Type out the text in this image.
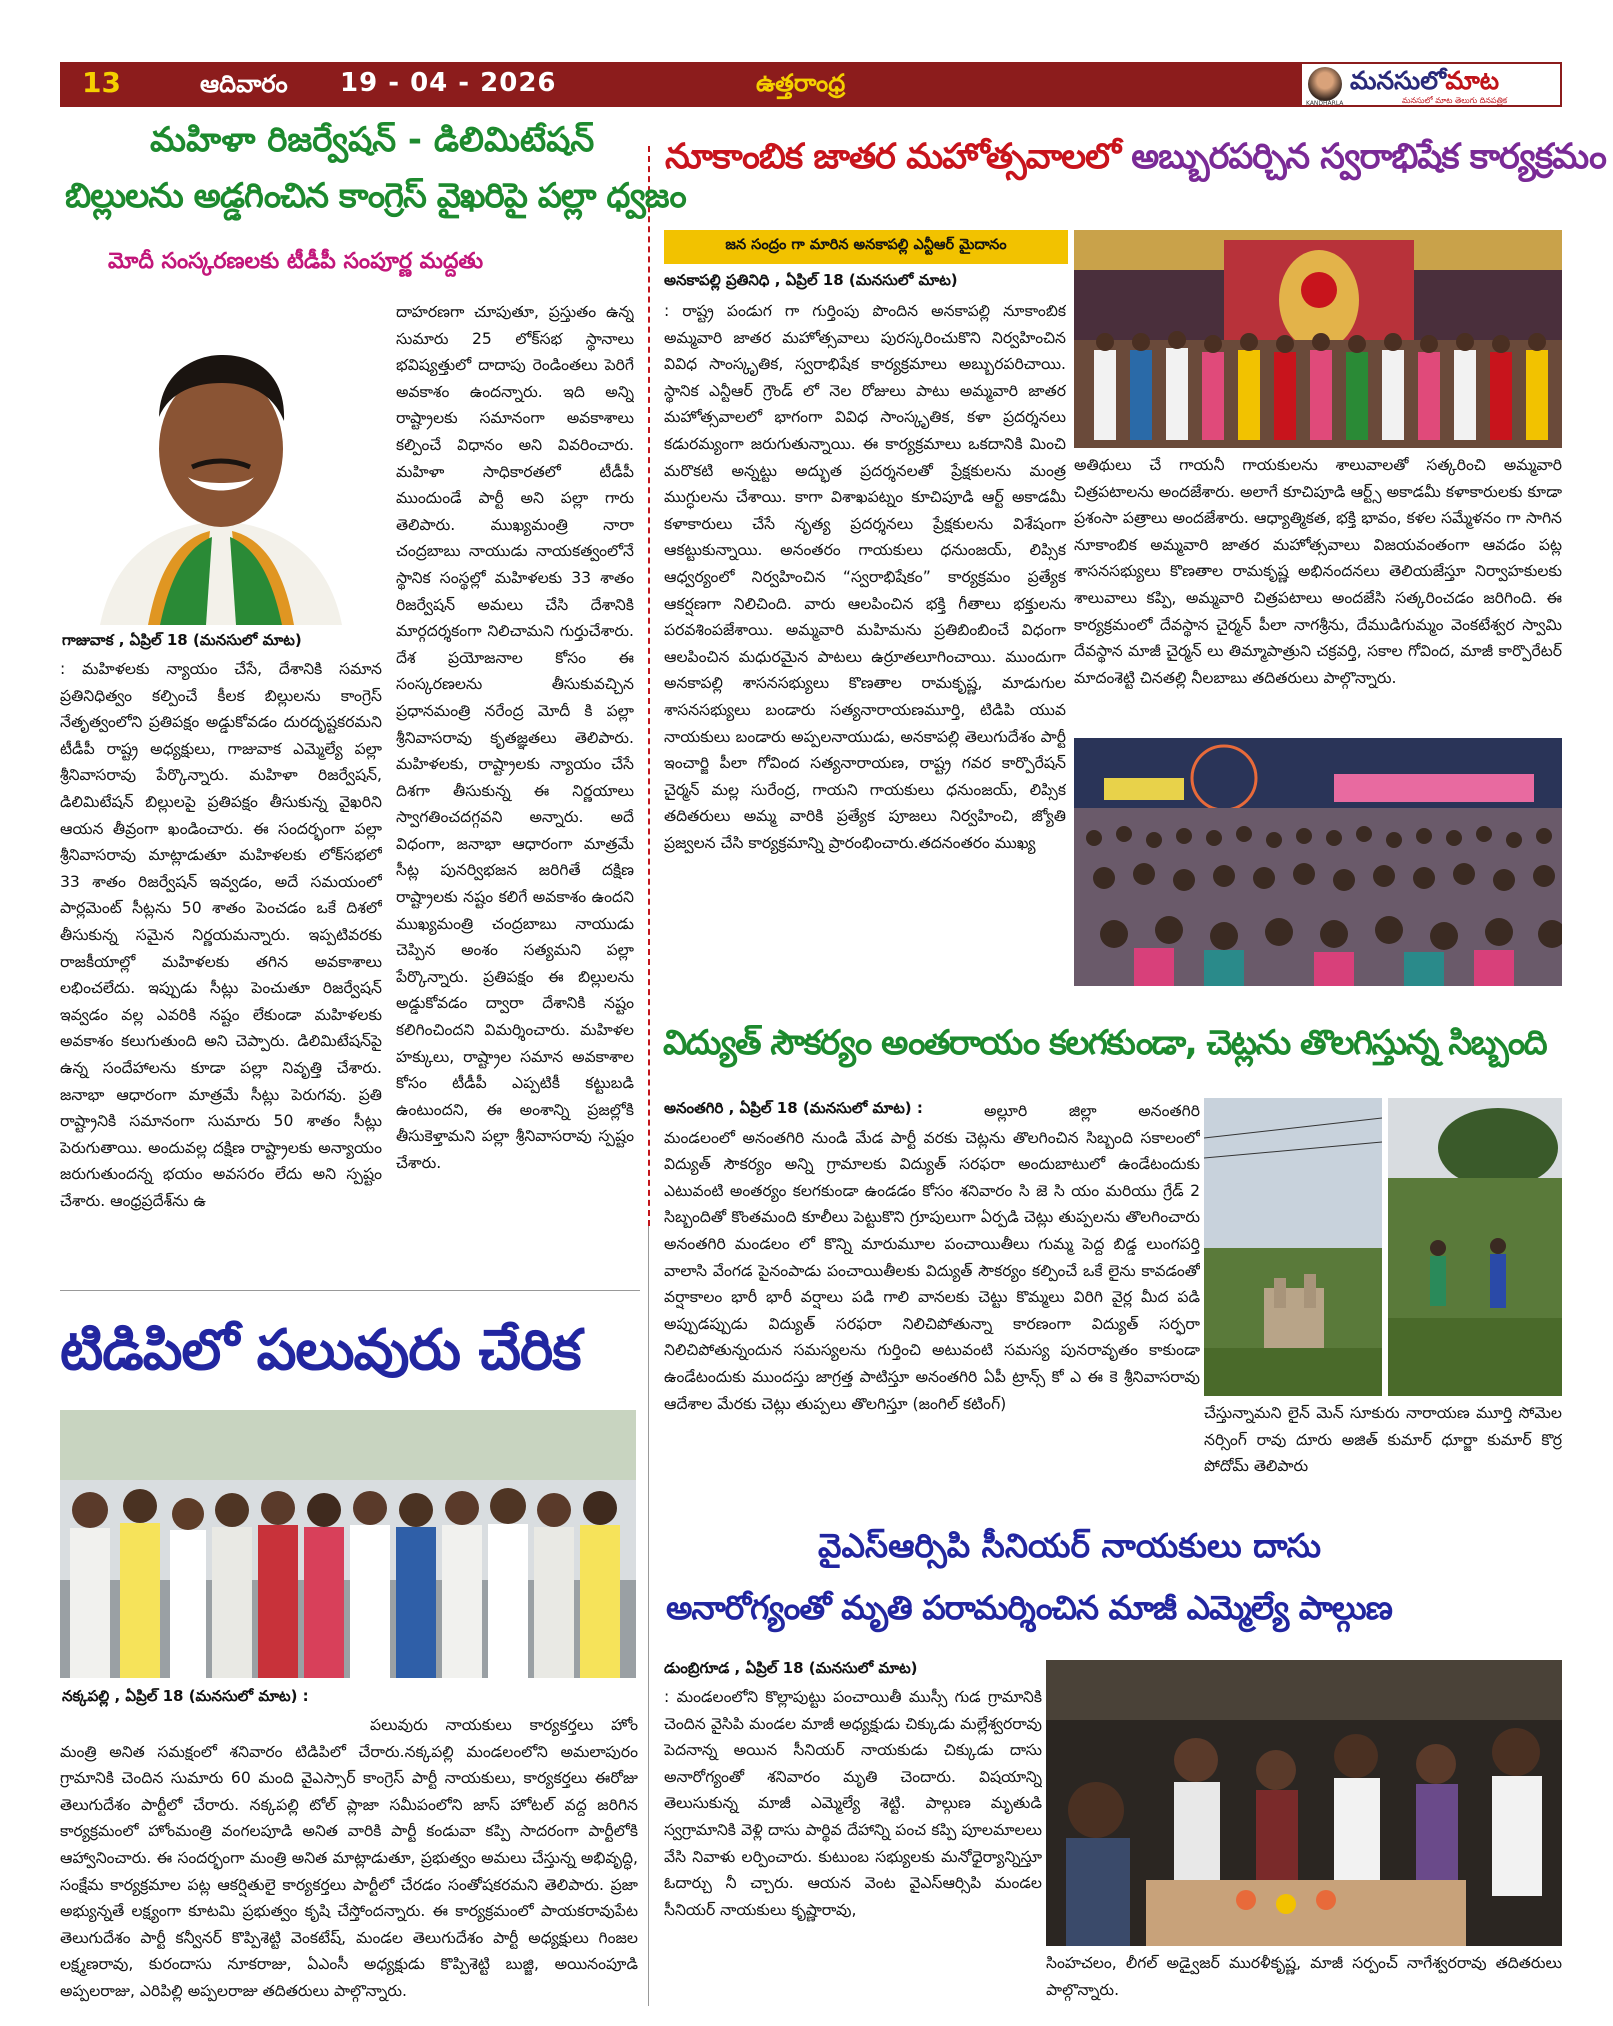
13	ఆదివారం 19 - 04 - 2026	ఉత్తరాంధ్ర	మనసులోమాట
మనసులో మాట తెలుగు దినపత్రిక
KANDHARLA
మహిళా రిజర్వేషన్ - డిలిమిటేషన్
బిల్లులను అడ్డగించిన కాంగ్రెస్ వైఖరిపై పల్లా ధ్వజం
మోదీ సంస్కరణలకు టీడీపీ సంపూర్ణ మద్దతు
గాజువాక , ఏప్రిల్ 18 (మనసులో మాట)
: మహిళలకు న్యాయం చేసే, దేశానికి సమాన ప్రతినిధిత్వం కల్పించే కీలక బిల్లులను కాంగ్రెస్ నేతృత్వంలోని ప్రతిపక్షం అడ్డుకోవడం దురదృష్టకరమని టీడీపీ రాష్ట్ర అధ్యక్షులు, గాజువాక ఎమ్మెల్యే పల్లా శ్రీనివాసరావు పేర్కొన్నారు. మహిళా రిజర్వేషన్, డిలిమిటేషన్ బిల్లులపై ప్రతిపక్షం తీసుకున్న వైఖరిని ఆయన తీవ్రంగా ఖండించారు. ఈ సందర్భంగా పల్లా శ్రీనివాసరావు మాట్లాడుతూ మహిళలకు లోక్‌సభలో 33 శాతం రిజర్వేషన్ ఇవ్వడం, అదే సమయంలో పార్లమెంట్ సీట్లను 50 శాతం పెంచడం ఒకే దిశలో తీసుకున్న సమైన నిర్ణయమన్నారు. ఇప్పటివరకు రాజకీయాల్లో మహిళలకు తగిన అవకాశాలు లభించలేదు. ఇప్పుడు సీట్లు పెంచుతూ రిజర్వేషన్ ఇవ్వడం వల్ల ఎవరికి నష్టం లేకుండా మహిళలకు అవకాశం కలుగుతుంది అని చెప్పారు. డిలిమిటేషన్‌పై ఉన్న సందేహాలను కూడా పల్లా నివృత్తి చేశారు. జనాభా ఆధారంగా మాత్రమే సీట్లు పెరుగవు. ప్రతి రాష్ట్రానికి సమానంగా సుమారు 50 శాతం సీట్లు పెరుగుతాయి. అందువల్ల దక్షిణ రాష్ట్రాలకు అన్యాయం జరుగుతుందన్న భయం అవసరం లేదు అని స్పష్టం చేశారు. ఆంధ్రప్రదేశ్‌ను ఉ
దాహరణగా చూపుతూ, ప్రస్తుతం ఉన్న సుమారు 25 లోక్‌సభ స్థానాలు భవిష్యత్తులో దాదాపు రెండింతలు పెరిగే అవకాశం ఉందన్నారు. ఇది అన్ని రాష్ట్రాలకు సమానంగా అవకాశాలు కల్పించే విధానం అని వివరించారు. మహిళా సాధికారతలో టీడీపీ ముందుండే పార్టీ అని పల్లా గారు తెలిపారు. ముఖ్యమంత్రి నారా చంద్రబాబు నాయుడు నాయకత్వంలోనే స్థానిక సంస్థల్లో మహిళలకు 33 శాతం రిజర్వేషన్ అమలు చేసి దేశానికి మార్గదర్శకంగా నిలిచామని గుర్తుచేశారు. దేశ ప్రయోజనాల కోసం ఈ సంస్కరణలను తీసుకువచ్చిన ప్రధానమంత్రి నరేంద్ర మోదీ కి పల్లా శ్రీనివాసరావు కృతజ్ఞతలు తెలిపారు. మహిళలకు, రాష్ట్రాలకు న్యాయం చేసే దిశగా తీసుకున్న ఈ నిర్ణయాలు స్వాగతించదగ్గవని అన్నారు. అదే విధంగా, జనాభా ఆధారంగా మాత్రమే సీట్ల పునర్విభజన జరిగితే దక్షిణ రాష్ట్రాలకు నష్టం కలిగే అవకాశం ఉందని ముఖ్యమంత్రి చంద్రబాబు నాయుడు చెప్పిన అంశం సత్యమని పల్లా పేర్కొన్నారు. ప్రతిపక్షం ఈ బిల్లులను అడ్డుకోవడం ద్వారా దేశానికి నష్టం కలిగించిందని విమర్శించారు. మహిళల హక్కులు, రాష్ట్రాల సమాన అవకాశాల కోసం టీడీపీ ఎప్పటికీ కట్టుబడి ఉంటుందని, ఈ అంశాన్ని ప్రజల్లోకి తీసుకెళ్తామని పల్లా శ్రీనివాసరావు స్పష్టం చేశారు.
టిడిపిలో పలువురు చేరిక
నక్కపల్లి , ఏప్రిల్ 18 (మనసులో మాట) :
పలువురు నాయకులు కార్యకర్తలు హోం మంత్రి అనిత సమక్షంలో శనివారం టిడిపిలో చేరారు.నక్కపల్లి మండలంలోని అమలాపురం గ్రామానికి చెందిన సుమారు 60 మంది వైఎస్సార్ కాంగ్రెస్ పార్టీ నాయకులు, కార్యకర్తలు ఈరోజు తెలుగుదేశం పార్టీలో చేరారు. నక్కపల్లి టోల్ ప్లాజా సమీపంలోని జాస్ హోటల్ వద్ద జరిగిన కార్యక్రమంలో హోంమంత్రి వంగలపూడి అనిత వారికి పార్టీ కండువా కప్పి సాదరంగా పార్టీలోకి ఆహ్వానించారు. ఈ సందర్భంగా మంత్రి అనిత మాట్లాడుతూ, ప్రభుత్వం అమలు చేస్తున్న అభివృద్ధి, సంక్షేమ కార్యక్రమాల పట్ల ఆకర్షితులై కార్యకర్తలు పార్టీలో చేరడం సంతోషకరమని తెలిపారు. ప్రజా అభ్యున్నతే లక్ష్యంగా కూటమి ప్రభుత్వం కృషి చేస్తోందన్నారు. ఈ కార్యక్రమంలో పాయకరావుపేట తెలుగుదేశం పార్టీ కన్వీనర్ కొప్పిశెట్టి వెంకటేష్, మండల తెలుగుదేశం పార్టీ అధ్యక్షులు గింజల లక్ష్మణరావు, కురందాసు నూకరాజు, ఏఎంసీ అధ్యక్షుడు కొప్పిశెట్టి బుజ్జి, అయినంపూడి అప్పలరాజు, ఎరిపిల్లి అప్పలరాజు తదితరులు పాల్గొన్నారు.
నూకాంబిక జాతర మహోత్సవాలలో అబ్బురపర్చిన స్వరాభిషేక కార్యక్రమం
జన సంద్రం గా మారిన అనకాపల్లి ఎన్టీఆర్ మైదానం
అనకాపల్లి ప్రతినిధి , ఏప్రిల్ 18 (మనసులో మాట)
: రాష్ట్ర పండుగ గా గుర్తింపు పొందిన అనకాపల్లి నూకాంబిక అమ్మవారి జాతర మహోత్సవాలు పురస్కరించుకొని నిర్వహించిన వివిధ సాంస్కృతిక, స్వరాభిషేక కార్యక్రమాలు అబ్బురపరిచాయి. స్థానిక ఎన్టీఆర్ గ్రౌండ్ లో నెల రోజులు పాటు అమ్మవారి జాతర మహోత్సవాలలో భాగంగా వివిధ సాంస్కృతిక, కళా ప్రదర్శనలు కడురమ్యంగా జరుగుతున్నాయి. ఈ కార్యక్రమాలు ఒకదానికి మించి మరొకటి అన్నట్టు అద్భుత ప్రదర్శనలతో ప్రేక్షకులను మంత్ర ముగ్ధులను చేశాయి. కాగా విశాఖపట్నం కూచిపూడి ఆర్ట్ అకాడమీ కళాకారులు చేసే నృత్య ప్రదర్శనలు ప్రేక్షకులను విశేషంగా ఆకట్టుకున్నాయి. అనంతరం గాయకులు ధనుంజయ్, లిప్సిక ఆధ్వర్యంలో నిర్వహించిన “స్వరాభిషేకం” కార్యక్రమం ప్రత్యేక ఆకర్షణగా నిలిచింది. వారు ఆలపించిన భక్తి గీతాలు భక్తులను పరవశింపజేశాయి. అమ్మవారి మహిమను ప్రతిబింబించే విధంగా ఆలపించిన మధురమైన పాటలు ఉర్రూతలూగించాయి. ముందుగా అనకాపల్లి శాసనసభ్యులు కొణతాల రామకృష్ణ, మాడుగుల శాసనసభ్యులు బండారు సత్యనారాయణమూర్తి, టిడిపి యువ నాయకులు బండారు అప్పలనాయుడు, అనకాపల్లి తెలుగుదేశం పార్టీ ఇంచార్జి పీలా గోవింద సత్యనారాయణ, రాష్ట్ర గవర కార్పొరేషన్ చైర్మన్ మల్ల సురేంద్ర, గాయని గాయకులు ధనుంజయ్, లిప్సిక తదితరులు అమ్మ వారికి ప్రత్యేక పూజలు నిర్వహించి, జ్యోతి ప్రజ్వలన చేసి కార్యక్రమాన్ని ప్రారంభించారు.తదనంతరం ముఖ్య
అతిథులు చే గాయనీ గాయకులను శాలువాలతో సత్కరించి అమ్మవారి చిత్రపటాలను అందజేశారు. అలాగే కూచిపూడి ఆర్ట్స్ అకాడమీ కళాకారులకు కూడా ప్రశంసా పత్రాలు అందజేశారు. ఆధ్యాత్మికత, భక్తి భావం, కళల సమ్మేళనం గా సాగిన నూకాంబిక అమ్మవారి జాతర మహోత్సవాలు విజయవంతంగా ఆవడం పట్ల శాసనసభ్యులు కొణతాల రామకృష్ణ అభినందనలు తెలియజేస్తూ నిర్వాహకులకు శాలువాలు కప్పి, అమ్మవారి చిత్రపటాలు అందజేసి సత్కరించడం జరిగింది. ఈ కార్యక్రమంలో దేవస్థాన చైర్మన్ పీలా నాగశ్రీను, దేముడిగుమ్మం వెంకటేశ్వర స్వామి దేవస్థాన మాజీ చైర్మన్ లు తిమ్మాపాత్రుని చక్రవర్తి, సకాల గోవింద, మాజీ కార్పొరేటర్ మాదంశెట్టి చినతల్లి నీలబాబు తదితరులు పాల్గొన్నారు.
విద్యుత్ సౌకర్యం అంతరాయం కలగకుండా, చెట్లను తొలగిస్తున్న సిబ్బంది
అనంతగిరి , ఏప్రిల్ 18 (మనసులో మాట) :	అల్లూరి జిల్లా అనంతగిరి మండలంలో అనంతగిరి నుండి మేడ పార్టీ వరకు చెట్లను తొలగించిన సిబ్బంది సకాలంలో విద్యుత్ సౌకర్యం అన్ని గ్రామాలకు విద్యుత్ సరఫరా అందుబాటులో ఉండేటందుకు ఎటువంటి అంతర్యం కలగకుండా ఉండడం కోసం శనివారం సి జె సి యం మరియు గ్రేడ్ 2 సిబ్బందితో కొంతమంది కూలీలు పెట్టుకొని గ్రూపులుగా ఏర్పడి చెట్లు తుప్పలను తొలగించారు అనంతగిరి మండలం లో కొన్ని మారుమూల పంచాయితీలు గుమ్మ పెద్ద బిడ్డ లుంగపర్తి వాలాసి వేంగడ పైనంపాడు పంచాయితీలకు విద్యుత్ సౌకర్యం కల్పించే ఒకే లైను కావడంతో వర్షాకాలం భారీ భారీ వర్షాలు పడి గాలి వానలకు చెట్టు కొమ్మలు విరిగి వైర్ల మీద పడి అప్పుడప్పుడు విద్యుత్ సరఫరా నిలిచిపోతున్నా కారణంగా విద్యుత్ సర్ఫరా నిలిచిపోతున్నందున సమస్యలను గుర్తించి అటువంటి సమస్య పునరావృతం కాకుండా ఉండేటందుకు ముందస్తు జాగ్రత్త పాటిస్తూ అనంతగిరి ఏపీ ట్రాన్స్ కో ఎ ఈ కె శ్రీనివాసరావు ఆదేశాల మేరకు చెట్లు తుప్పలు తొలగిస్తూ (జంగిల్ కటింగ్)
చేస్తున్నామని లైన్ మెన్ సూకురు నారాయణ మూర్తి సోమెల నర్సింగ్ రావు దూరు అజిత్ కుమార్ ధూర్జా కుమార్ కొర్ర పోదోమ్ తెలిపారు
వైఎస్ఆర్సిపి సీనియర్ నాయకులు దాసు
అనారోగ్యంతో మృతి పరామర్శించిన మాజీ ఎమ్మెల్యే పాల్గుణ
డుంబ్రిగూడ , ఏప్రిల్ 18 (మనసులో మాట)
: మండలంలోని కొల్లాపుట్టు పంచాయితీ ముస్సీ గుడ గ్రామానికి చెందిన వైసిపి మండల మాజీ అధ్యక్షుడు చిక్కుడు మల్లేశ్వరరావు పెదనాన్న అయిన సీనియర్ నాయకుడు చిక్కుడు దాసు అనారోగ్యంతో శనివారం మృతి చెందారు. విషయాన్ని తెలుసుకున్న మాజీ ఎమ్మెల్యే శెట్టి. పాల్గుణ మృతుడి స్వగ్రామానికి వెళ్లి దాసు పార్థివ దేహాన్ని పంచ కప్పి పూలమాలలు వేసి నివాళు లర్పించారు. కుటుంబ సభ్యులకు మనోధైర్యాన్నిస్తూ ఓదార్చు నీ చ్చారు. ఆయన వెంట వైఎస్ఆర్సిపి మండల సీనియర్ నాయకులు కృష్ణారావు,
సింహచలం, లీగల్ అడ్వైజర్ మురళీకృష్ణ, మాజీ సర్పంచ్ నాగేశ్వరరావు తదితరులు పాల్గొన్నారు.
